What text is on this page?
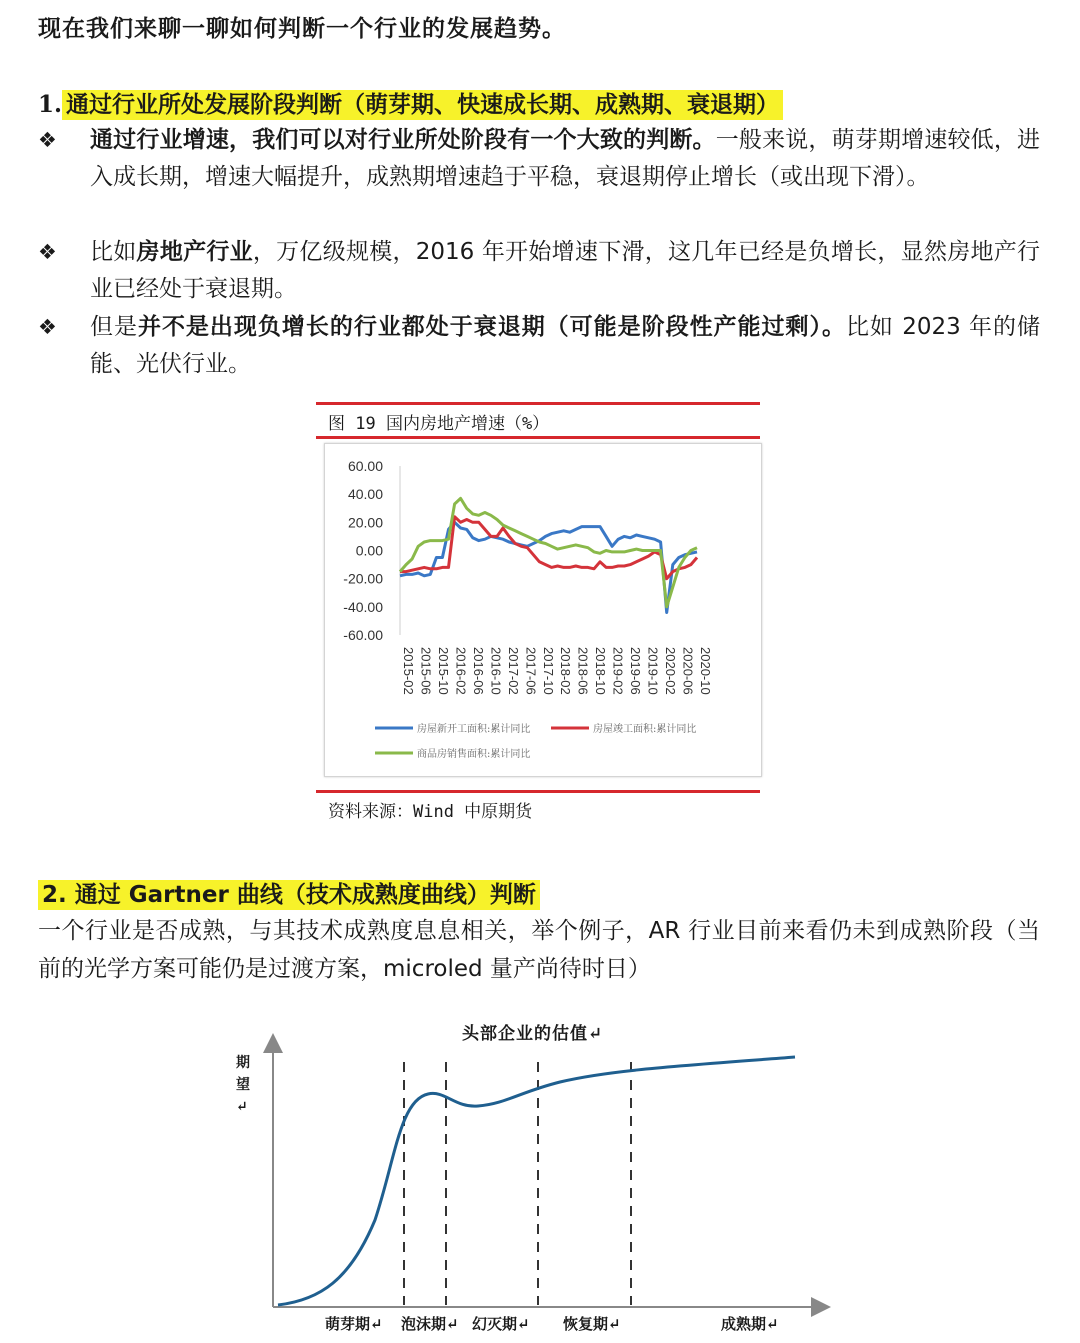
现在我们来聊一聊如何判断一个行业的发展趋势。
1. 通过行业所处发展阶段判断（萌芽期、快速成长期、成熟期、衰退期）
❖	通过行业增速，我们可以对行业所处阶段有一个大致的判断。一般来说，萌芽期增速较低，进入成长期，增速大幅提升，成熟期增速趋于平稳，衰退期停止增长（或出现下滑）。
❖	比如房地产行业，万亿级规模，2016 年开始增速下滑，这几年已经是负增长，显然房地产行业已经处于衰退期。
❖	但是并不是出现负增长的行业都处于衰退期（可能是阶段性产能过剩）。比如 2023 年的储能、光伏行业。
图 19 国内房地产增速（%）
60.00
40.00
20.00
0.00
-20.00
-40.00
-60.00
2015-02 2015-06 2015-10 2016-02 2016-06 2016-10 2017-02 2017-06 2017-10 2018-02 2018-06 2018-10 2019-02 2019-06 2019-10 2020-02 2020-06 2020-10
房屋新开工面积:累计同比	房屋竣工面积:累计同比
商品房销售面积:累计同比
资料来源：Wind 中原期货
2. 通过 Gartner 曲线（技术成熟度曲线）判断
一个行业是否成熟，与其技术成熟度息息相关，举个例子，AR 行业目前来看仍未到成熟阶段（当前的光学方案可能仍是过渡方案，microled 量产尚待时日）
头部企业的估值↵
期
望↵
萌芽期↵ 泡沫期↵ 幻灭期↵ 恢复期↵	成熟期↵
